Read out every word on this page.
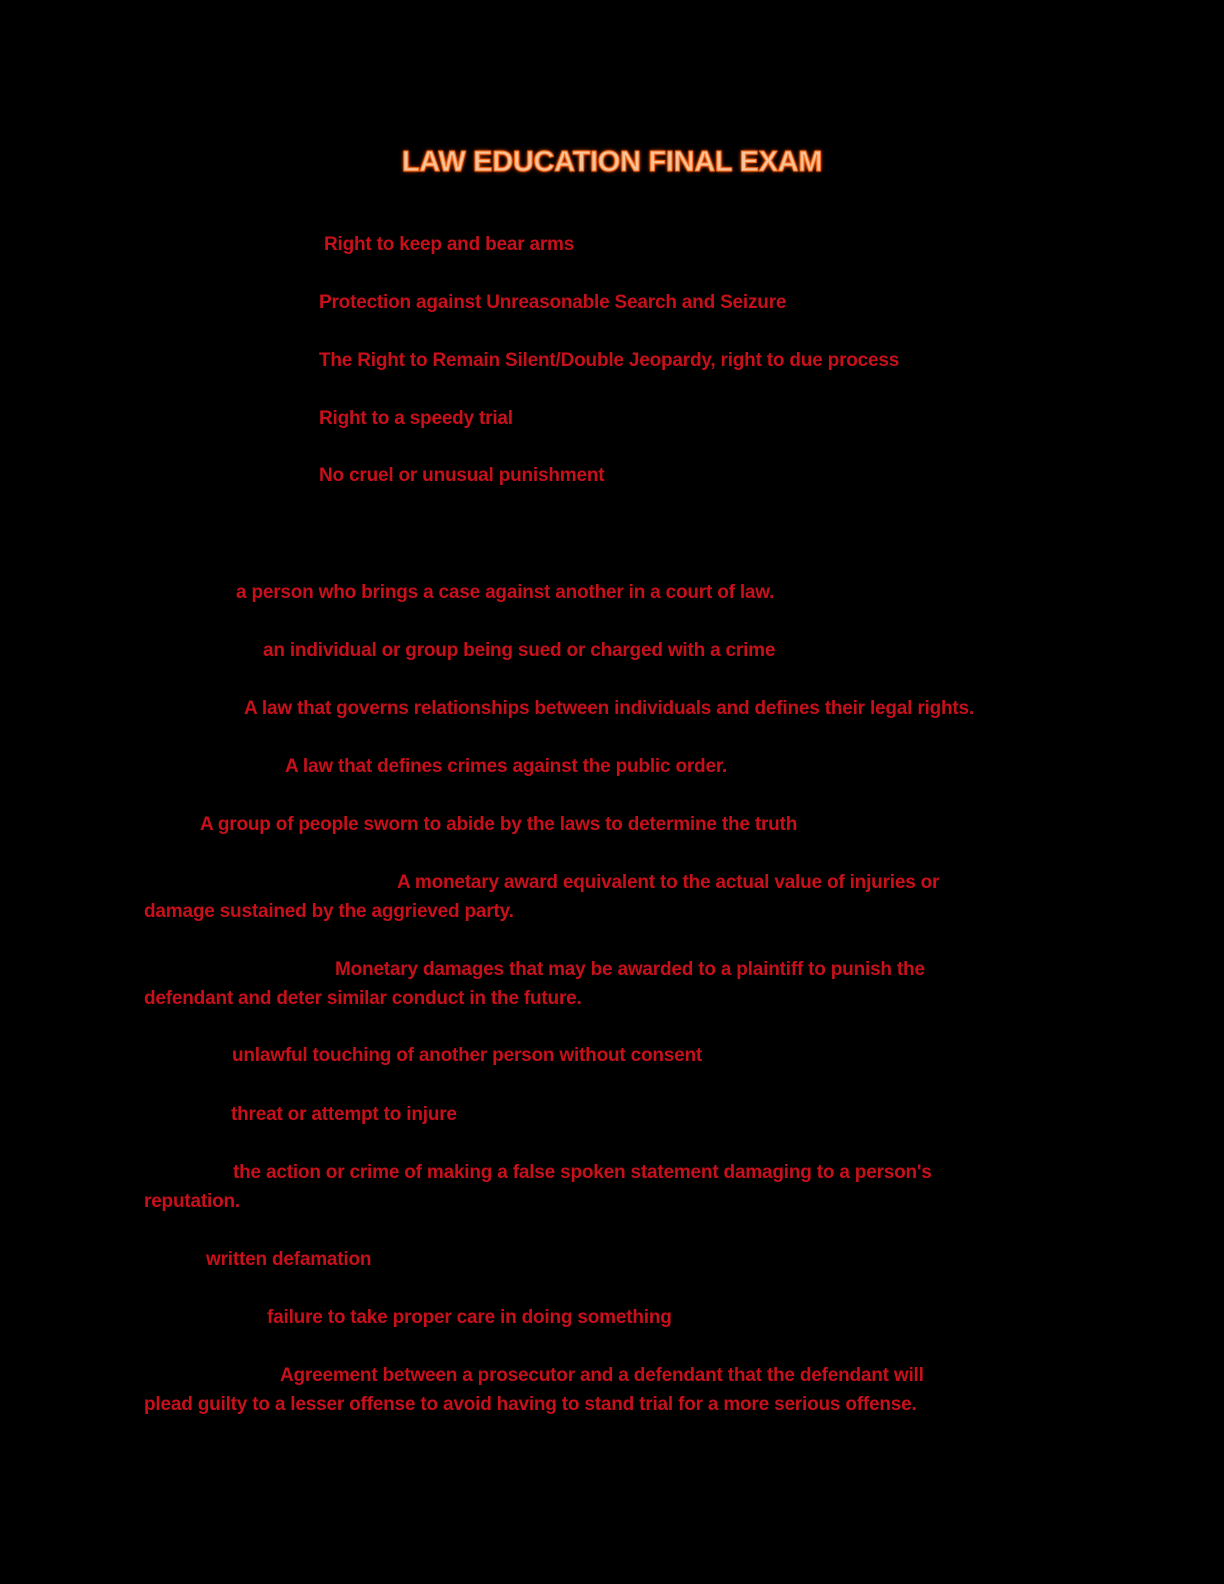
LAW EDUCATION FINAL EXAM

Right to keep and bear arms

Protection against Unreasonable Search and Seizure

The Right to Remain Silent/Double Jeopardy, right to due process

Right to a speedy trial

No cruel or unusual punishment

a person who brings a case against another in a court of law.

an individual or group being sued or charged with a crime

A law that governs relationships between individuals and defines their legal rights.

A law that defines crimes against the public order.

A group of people sworn to abide by the laws to determine the truth

A monetary award equivalent to the actual value of injuries or
damage sustained by the aggrieved party.
Monetary damages that may be awarded to a plaintiff to punish the
defendant and deter similar conduct in the future.

unlawful touching of another person without consent

threat or attempt to injure

the action or crime of making a false spoken statement damaging to a person's
reputation.

written defamation

failure to take proper care in doing something

Agreement between a prosecutor and a defendant that the defendant will
plead guilty to a lesser offense to avoid having to stand trial for a more serious offense.
